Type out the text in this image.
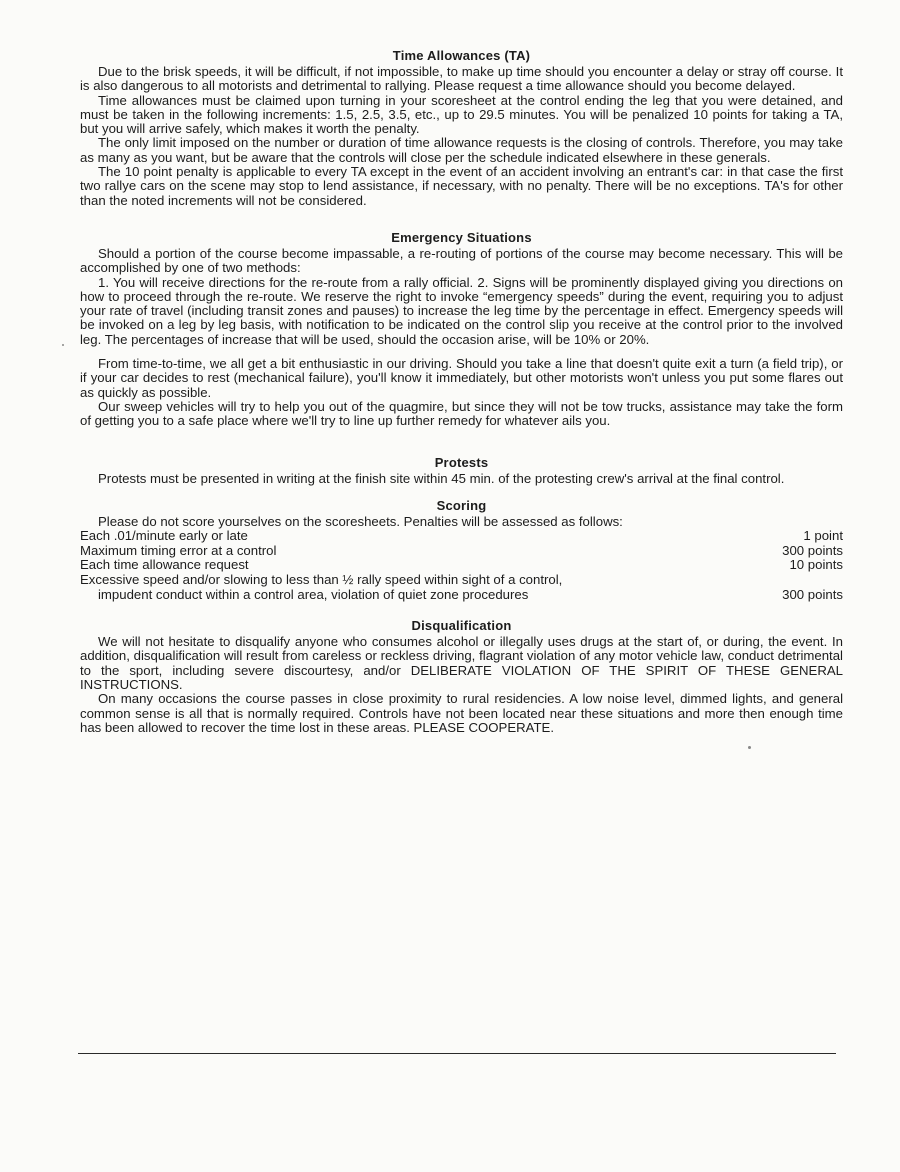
Time Allowances (TA)

Due to the brisk speeds, it will be difficult, if not impossible, to make up time should you encounter a delay or stray off course. It is also dangerous to all motorists and detrimental to rallying. Please request a time allowance should you become delayed.

Time allowances must be claimed upon turning in your scoresheet at the control ending the leg that you were detained, and must be taken in the following increments: 1.5, 2.5, 3.5, etc., up to 29.5 minutes. You will be penalized 10 points for taking a TA, but you will arrive safely, which makes it worth the penalty.

The only limit imposed on the number or duration of time allowance requests is the closing of controls. Therefore, you may take as many as you want, but be aware that the controls will close per the schedule indicated elsewhere in these generals.

The 10 point penalty is applicable to every TA except in the event of an accident involving an entrant's car: in that case the first two rallye cars on the scene may stop to lend assistance, if necessary, with no penalty. There will be no exceptions. TA's for other than the noted increments will not be considered.

Emergency Situations

Should a portion of the course become impassable, a re-routing of portions of the course may become necessary. This will be accomplished by one of two methods:

1. You will receive directions for the re-route from a rally official. 2. Signs will be prominently displayed giving you directions on how to proceed through the re-route. We reserve the right to invoke “emergency speeds” during the event, requiring you to adjust your rate of travel (including transit zones and pauses) to increase the leg time by the percentage in effect. Emergency speeds will be invoked on a leg by leg basis, with notification to be indicated on the control slip you receive at the control prior to the involved leg. The percentages of increase that will be used, should the occasion arise, will be 10% or 20%.

From time-to-time, we all get a bit enthusiastic in our driving. Should you take a line that doesn't quite exit a turn (a field trip), or if your car decides to rest (mechanical failure), you'll know it immediately, but other motorists won't unless you put some flares out as quickly as possible.

Our sweep vehicles will try to help you out of the quagmire, but since they will not be tow trucks, assistance may take the form of getting you to a safe place where we'll try to line up further remedy for whatever ails you.

Protests

Protests must be presented in writing at the finish site within 45 min. of the protesting crew's arrival at the final control.

Scoring

Please do not score yourselves on the scoresheets. Penalties will be assessed as follows:

Each .01/minute early or late	1 point
Maximum timing error at a control	300 points
Each time allowance request	10 points
Excessive speed and/or slowing to less than ½ rally speed within sight of a control,
impudent conduct within a control area, violation of quiet zone procedures	300 points
Disqualification

We will not hesitate to disqualify anyone who consumes alcohol or illegally uses drugs at the start of, or during, the event. In addition, disqualification will result from careless or reckless driving, flagrant violation of any motor vehicle law, conduct detrimental to the sport, including severe discourtesy, and/or DELIBERATE VIOLATION OF THE SPIRIT OF THESE GENERAL INSTRUCTIONS.

On many occasions the course passes in close proximity to rural residencies. A low noise level, dimmed lights, and general common sense is all that is normally required. Controls have not been located near these situations and more then enough time has been allowed to recover the time lost in these areas. PLEASE COOPERATE.
